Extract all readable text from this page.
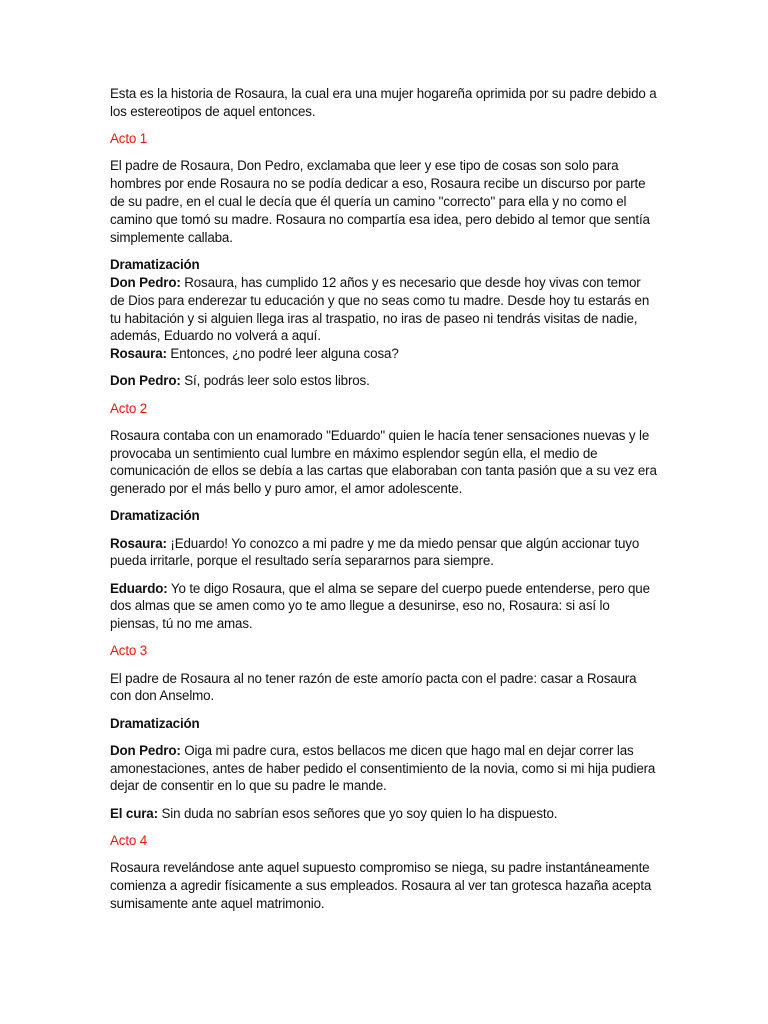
Esta es la historia de Rosaura, la cual era una mujer hogareña oprimida por su padre debido a los estereotipos de aquel entonces.

Acto 1

El padre de Rosaura, Don Pedro, exclamaba que leer y ese tipo de cosas son solo para hombres por ende Rosaura no se podía dedicar a eso, Rosaura recibe un discurso por parte de su padre, en el cual le decía que él quería un camino "correcto" para ella y no como el camino que tomó su madre. Rosaura no compartía esa idea, pero debido al temor que sentía simplemente callaba.

Dramatización

Don Pedro: Rosaura, has cumplido 12 años y es necesario que desde hoy vivas con temor de Dios para enderezar tu educación y que no seas como tu madre. Desde hoy tu estarás en tu habitación y si alguien llega iras al traspatio, no iras de paseo ni tendrás visitas de nadie, además, Eduardo no volverá a aquí.

Rosaura: Entonces, ¿no podré leer alguna cosa?

Don Pedro: Sí, podrás leer solo estos libros.

Acto 2

Rosaura contaba con un enamorado "Eduardo" quien le hacía tener sensaciones nuevas y le provocaba un sentimiento cual lumbre en máximo esplendor según ella, el medio de comunicación de ellos se debía a las cartas que elaboraban con tanta pasión que a su vez era generado por el más bello y puro amor, el amor adolescente.

Dramatización

Rosaura: ¡Eduardo! Yo conozco a mi padre y me da miedo pensar que algún accionar tuyo pueda irritarle, porque el resultado sería separarnos para siempre.

Eduardo: Yo te digo Rosaura, que el alma se separe del cuerpo puede entenderse, pero que dos almas que se amen como yo te amo llegue a desunirse, eso no, Rosaura: si así lo piensas, tú no me amas.

Acto 3

El padre de Rosaura al no tener razón de este amorío pacta con el padre: casar a Rosaura con don Anselmo.

Dramatización

Don Pedro: Oiga mi padre cura, estos bellacos me dicen que hago mal en dejar correr las amonestaciones, antes de haber pedido el consentimiento de la novia, como si mi hija pudiera dejar de consentir en lo que su padre le mande.

El cura: Sin duda no sabrían esos señores que yo soy quien lo ha dispuesto.

Acto 4

Rosaura revelándose ante aquel supuesto compromiso se niega, su padre instantáneamente comienza a agredir físicamente a sus empleados. Rosaura al ver tan grotesca hazaña acepta sumisamente ante aquel matrimonio.
